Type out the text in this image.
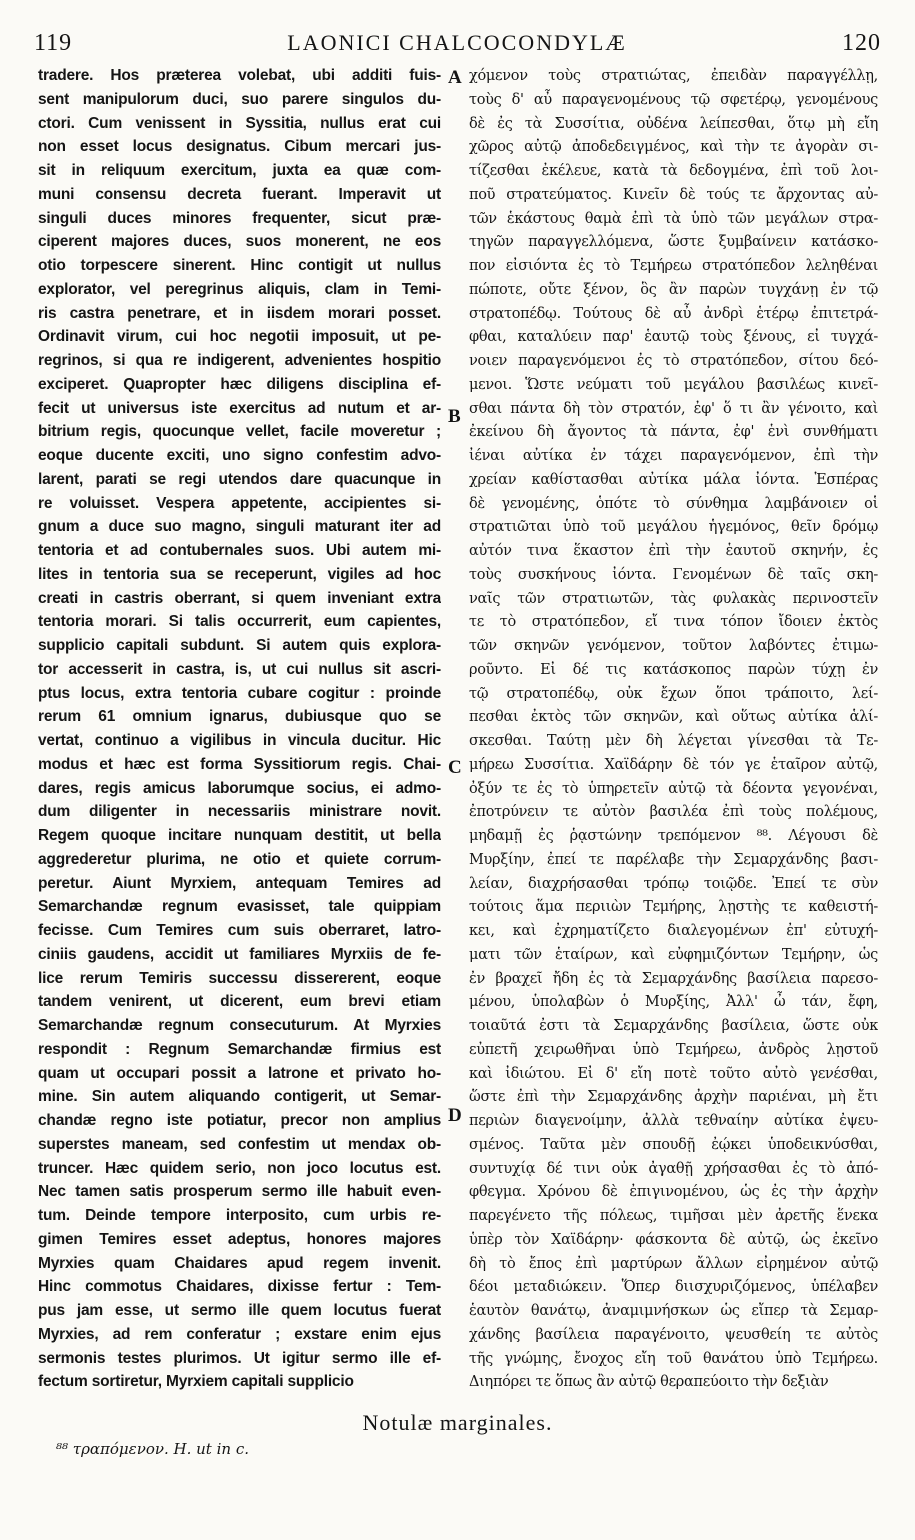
119	LAONICI CHALCOCONDYLÆ	120
tradere. Hos præterea volebat, ubi additi fuis-
sent manipulorum duci, suo parere singulos du-
ctori. Cum venissent in Syssitia, nullus erat cui
non esset locus designatus. Cibum mercari jus-
sit in reliquum exercitum, juxta ea quæ com-
muni consensu decreta fuerant. Imperavit ut
singuli duces minores frequenter, sicut præ-
ciperent majores duces, suos monerent, ne eos
otio torpescere sinerent. Hinc contigit ut nullus
explorator, vel peregrinus aliquis, clam in Temi-
ris castra penetrare, et in iisdem morari posset.
Ordinavit virum, cui hoc negotii imposuit, ut pe-
regrinos, si qua re indigerent, advenientes hospitio
exciperet. Quapropter hæc diligens disciplina ef-
fecit ut universus iste exercitus ad nutum et ar-
bitrium regis, quocunque vellet, facile moveretur ;
eoque ducente exciti, uno signo confestim advo-
larent, parati se regi utendos dare quacunque in
re voluisset. Vespera appetente, accipientes si-
gnum a duce suo magno, singuli maturant iter ad
tentoria et ad contubernales suos. Ubi autem mi-
lites in tentoria sua se receperunt, vigiles ad hoc
creati in castris oberrant, si quem inveniant extra
tentoria morari. Si talis occurrerit, eum capientes,
supplicio capitali subdunt. Si autem quis explora-
tor accesserit in castra, is, ut cui nullus sit ascri-
ptus locus, extra tentoria cubare cogitur : proinde
rerum 61 omnium ignarus, dubiusque quo se
vertat, continuo a vigilibus in vincula ducitur. Hic
modus et hæc est forma Syssitiorum regis. Chai-
dares, regis amicus laborumque socius, ei admo-
dum diligenter in necessariis ministrare novit.
Regem quoque incitare nunquam destitit, ut bella
aggrederetur plurima, ne otio et quiete corrum-
peretur. Aiunt Myrxiem, antequam Temires ad
Semarchandæ regnum evasisset, tale quippiam
fecisse. Cum Temires cum suis oberraret, latro-
ciniis gaudens, accidit ut familiares Myrxiis de fe-
lice rerum Temiris successu dissererent, eoque
tandem venirent, ut dicerent, eum brevi etiam
Semarchandæ regnum consecuturum. At Myrxies
respondit : Regnum Semarchandæ firmius est
quam ut occupari possit a latrone et privato ho-
mine. Sin autem aliquando contigerit, ut Semar-
chandæ regno iste potiatur, precor non amplius
superstes maneam, sed confestim ut mendax ob-
truncer. Hæc quidem serio, non joco locutus est.
Nec tamen satis prosperum sermo ille habuit even-
tum. Deinde tempore interposito, cum urbis re-
gimen Temires esset adeptus, honores majores
Myrxies quam Chaidares apud regem invenit.
Hinc commotus Chaidares, dixisse fertur : Tem-
pus jam esse, ut sermo ille quem locutus fuerat
Myrxies, ad rem conferatur ; exstare enim ejus
sermonis testes plurimos. Ut igitur sermo ille ef-
fectum sortiretur, Myrxiem capitali supplicio
χόμενον τοὺς στρατιώτας, ἐπειδὰν παραγγέλλῃ,
τοὺς δ' αὖ παραγενομένους τῷ σφετέρῳ, γενομένους
δὲ ἐς τὰ Συσσίτια, οὐδένα λείπεσθαι, ὅτῳ μὴ εἴη
χῶρος αὐτῷ ἀποδεδειγμένος, καὶ τὴν τε ἀγορὰν σι-
τίζεσθαι ἐκέλευε, κατὰ τὰ δεδογμένα, ἐπὶ τοῦ λοι-
ποῦ στρατεύματος. Κινεῖν δὲ τούς τε ἄρχοντας αὐ-
τῶν ἑκάστους θαμὰ ἐπὶ τὰ ὑπὸ τῶν μεγάλων στρα-
τηγῶν παραγγελλόμενα, ὥστε ξυμβαίνειν κατάσκο-
πον εἰσιόντα ἐς τὸ Τεμήρεω στρατόπεδον λεληθέναι
πώποτε, οὔτε ξένον, ὃς ἂν παρὼν τυγχάνῃ ἐν τῷ
στρατοπέδῳ. Τούτους δὲ αὖ ἀνδρὶ ἑτέρῳ ἐπιτετρά-
φθαι, καταλύειν παρ' ἑαυτῷ τοὺς ξένους, εἰ τυγχά-
νοιεν παραγενόμενοι ἐς τὸ στρατόπεδον, σίτου δεό-
μενοι. Ὥστε νεύματι τοῦ μεγάλου βασιλέως κινεῖ-
σθαι πάντα δὴ τὸν στρατόν, ἐφ' ὅ τι ἂν γένοιτο, καὶ
ἐκείνου δὴ ἄγοντος τὰ πάντα, ἐφ' ἑνὶ συνθήματι
ἰέναι αὐτίκα ἐν τάχει παραγενόμενον, ἐπὶ τὴν
χρείαν καθίστασθαι αὐτίκα μάλα ἰόντα. Ἑσπέρας
δὲ γενομένης, ὁπότε τὸ σύνθημα λαμβάνοιεν οἱ
στρατιῶται ὑπὸ τοῦ μεγάλου ἡγεμόνος, θεῖν δρόμῳ
αὐτόν τινα ἕκαστον ἐπὶ τὴν ἑαυτοῦ σκηνήν, ἐς
τοὺς συσκήνους ἰόντα. Γενομένων δὲ ταῖς σκη-
ναῖς τῶν στρατιωτῶν, τὰς φυλακὰς περινοστεῖν
τε τὸ στρατόπεδον, εἴ τινα τόπον ἴδοιεν ἐκτὸς
τῶν σκηνῶν γενόμενον, τοῦτον λαβόντες ἐτιμω-
ροῦντο. Εἰ δέ τις κατάσκοπος παρὼν τύχῃ ἐν
τῷ στρατοπέδῳ, οὐκ ἔχων ὅποι τράποιτο, λεί-
πεσθαι ἐκτὸς τῶν σκηνῶν, καὶ οὕτως αὐτίκα ἁλί-
σκεσθαι. Ταύτῃ μὲν δὴ λέγεται γίνεσθαι τὰ Τε-
μήρεω Συσσίτια. Χαϊδάρην δὲ τόν γε ἑταῖρον αὐτῷ,
ὀξύν τε ἐς τὸ ὑπηρετεῖν αὐτῷ τὰ δέοντα γεγονέναι,
ἐποτρύνειν τε αὐτὸν βασιλέα ἐπὶ τοὺς πολέμους,
μηδαμῇ ἐς ῥᾳστώνην τρεπόμενον ⁸⁸. Λέγουσι δὲ
Μυρξίην, ἐπεί τε παρέλαβε τὴν Σεμαρχάνδης βασι-
λείαν, διαχρήσασθαι τρόπῳ τοιῷδε. Ἐπεί τε σὺν
τούτοις ἅμα περιιὼν Τεμήρης, λῃστὴς τε καθειστή-
κει, καὶ ἐχρηματίζετο διαλεγομένων ἐπ' εὐτυχή-
ματι τῶν ἑταίρων, καὶ εὐφημιζόντων Τεμήρην, ὡς
ἐν βραχεῖ ἤδη ἐς τὰ Σεμαρχάνδης βασίλεια παρεσο-
μένου, ὑπολαβὼν ὁ Μυρξίης, Ἀλλ' ὦ τάν, ἔφη,
τοιαῦτά ἐστι τὰ Σεμαρχάνδης βασίλεια, ὥστε οὐκ
εὐπετῆ χειρωθῆναι ὑπὸ Τεμήρεω, ἀνδρὸς λῃστοῦ
καὶ ἰδιώτου. Εἰ δ' εἴη ποτὲ τοῦτο αὐτὸ γενέσθαι,
ὥστε ἐπὶ τὴν Σεμαρχάνδης ἀρχὴν παριέναι, μὴ ἔτι
περιὼν διαγενοίμην, ἀλλὰ τεθναίην αὐτίκα ἐψευ-
σμένος. Ταῦτα μὲν σπουδῇ ἐῴκει ὑποδεικνύσθαι,
συντυχίᾳ δέ τινι οὐκ ἀγαθῇ χρήσασθαι ἐς τὸ ἀπό-
φθεγμα. Χρόνου δὲ ἐπιγινομένου, ὡς ἐς τὴν ἀρχὴν
παρεγένετο τῆς πόλεως, τιμῆσαι μὲν ἀρετῆς ἕνεκα
ὑπὲρ τὸν Χαϊδάρην· φάσκοντα δὲ αὐτῷ, ὡς ἐκεῖνο
δὴ τὸ ἔπος ἐπὶ μαρτύρων ἄλλων εἰρημένον αὐτῷ
δέοι μεταδιώκειν. Ὅπερ διισχυριζόμενος, ὑπέλαβεν
ἑαυτὸν θανάτῳ, ἀναμιμνήσκων ὡς εἴπερ τὰ Σεμαρ-
χάνδης βασίλεια παραγένοιτο, ψευσθείη τε αὐτὸς
τῆς γνώμης, ἔνοχος εἴη τοῦ θανάτου ὑπὸ Τεμήρεω.
Διηπόρει τε ὅπως ἂν αὐτῷ θεραπεύοιτο τὴν δεξιὰν
A
B
C
D
Notulæ marginales.
⁸⁸ τραπόμενον. H. ut in c.
